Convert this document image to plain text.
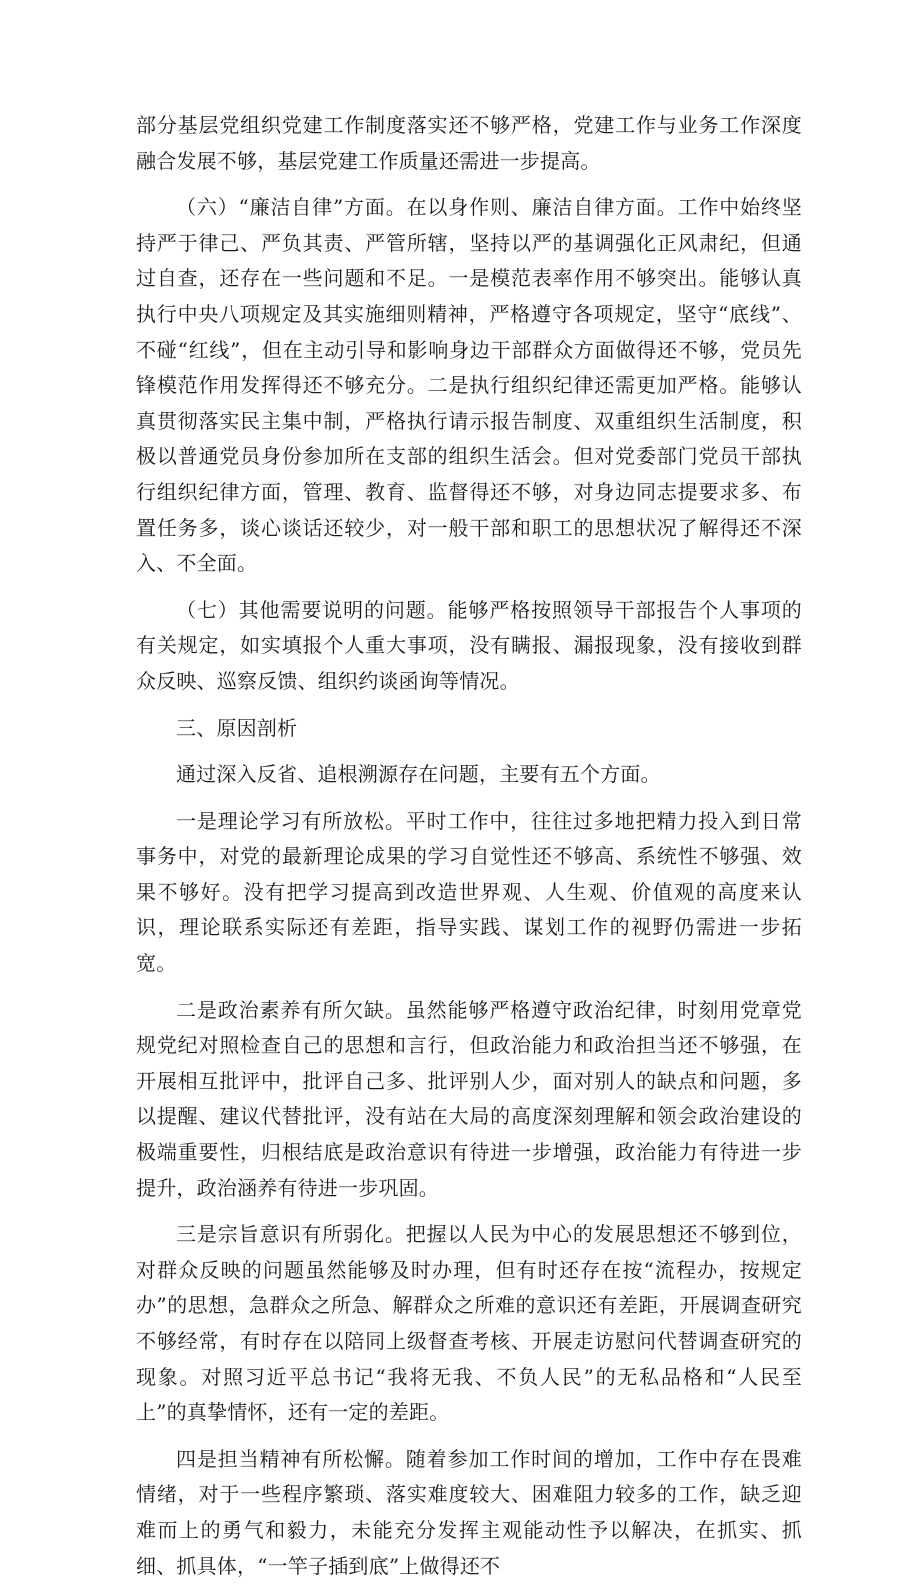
部分基层党组织党建工作制度落实还不够严格，党建工作与业务工作深度融合发展不够，基层党建工作质量还需进一步提高。

（六）“廉洁自律”方面。在以身作则、廉洁自律方面。工作中始终坚持严于律己、严负其责、严管所辖，坚持以严的基调强化正风肃纪，但通过自查，还存在一些问题和不足。一是模范表率作用不够突出。能够认真执行中央八项规定及其实施细则精神，严格遵守各项规定，坚守“底线”、不碰“红线”，但在主动引导和影响身边干部群众方面做得还不够，党员先锋模范作用发挥得还不够充分。二是执行组织纪律还需更加严格。能够认真贯彻落实民主集中制，严格执行请示报告制度、双重组织生活制度，积极以普通党员身份参加所在支部的组织生活会。但对党委部门党员干部执行组织纪律方面，管理、教育、监督得还不够，对身边同志提要求多、布置任务多，谈心谈话还较少，对一般干部和职工的思想状况了解得还不深入、不全面。

（七）其他需要说明的问题。能够严格按照领导干部报告个人事项的有关规定，如实填报个人重大事项，没有瞒报、漏报现象，没有接收到群众反映、巡察反馈、组织约谈函询等情况。

三、原因剖析

通过深入反省、追根溯源存在问题，主要有五个方面。

一是理论学习有所放松。平时工作中，往往过多地把精力投入到日常事务中，对党的最新理论成果的学习自觉性还不够高、系统性不够强、效果不够好。没有把学习提高到改造世界观、人生观、价值观的高度来认识，理论联系实际还有差距，指导实践、谋划工作的视野仍需进一步拓宽。

二是政治素养有所欠缺。虽然能够严格遵守政治纪律，时刻用党章党规党纪对照检查自己的思想和言行，但政治能力和政治担当还不够强，在开展相互批评中，批评自己多、批评别人少，面对别人的缺点和问题，多以提醒、建议代替批评，没有站在大局的高度深刻理解和领会政治建设的极端重要性，归根结底是政治意识有待进一步增强，政治能力有待进一步提升，政治涵养有待进一步巩固。

三是宗旨意识有所弱化。把握以人民为中心的发展思想还不够到位，对群众反映的问题虽然能够及时办理，但有时还存在按“流程办，按规定办”的思想，急群众之所急、解群众之所难的意识还有差距，开展调查研究不够经常，有时存在以陪同上级督查考核、开展走访慰问代替调查研究的现象。对照习近平总书记“我将无我、不负人民”的无私品格和“人民至上”的真挚情怀，还有一定的差距。

四是担当精神有所松懈。随着参加工作时间的增加，工作中存在畏难情绪，对于一些程序繁琐、落实难度较大、困难阻力较多的工作，缺乏迎难而上的勇气和毅力，未能充分发挥主观能动性予以解决，在抓实、抓细、抓具体，“一竿子插到底”上做得还不
